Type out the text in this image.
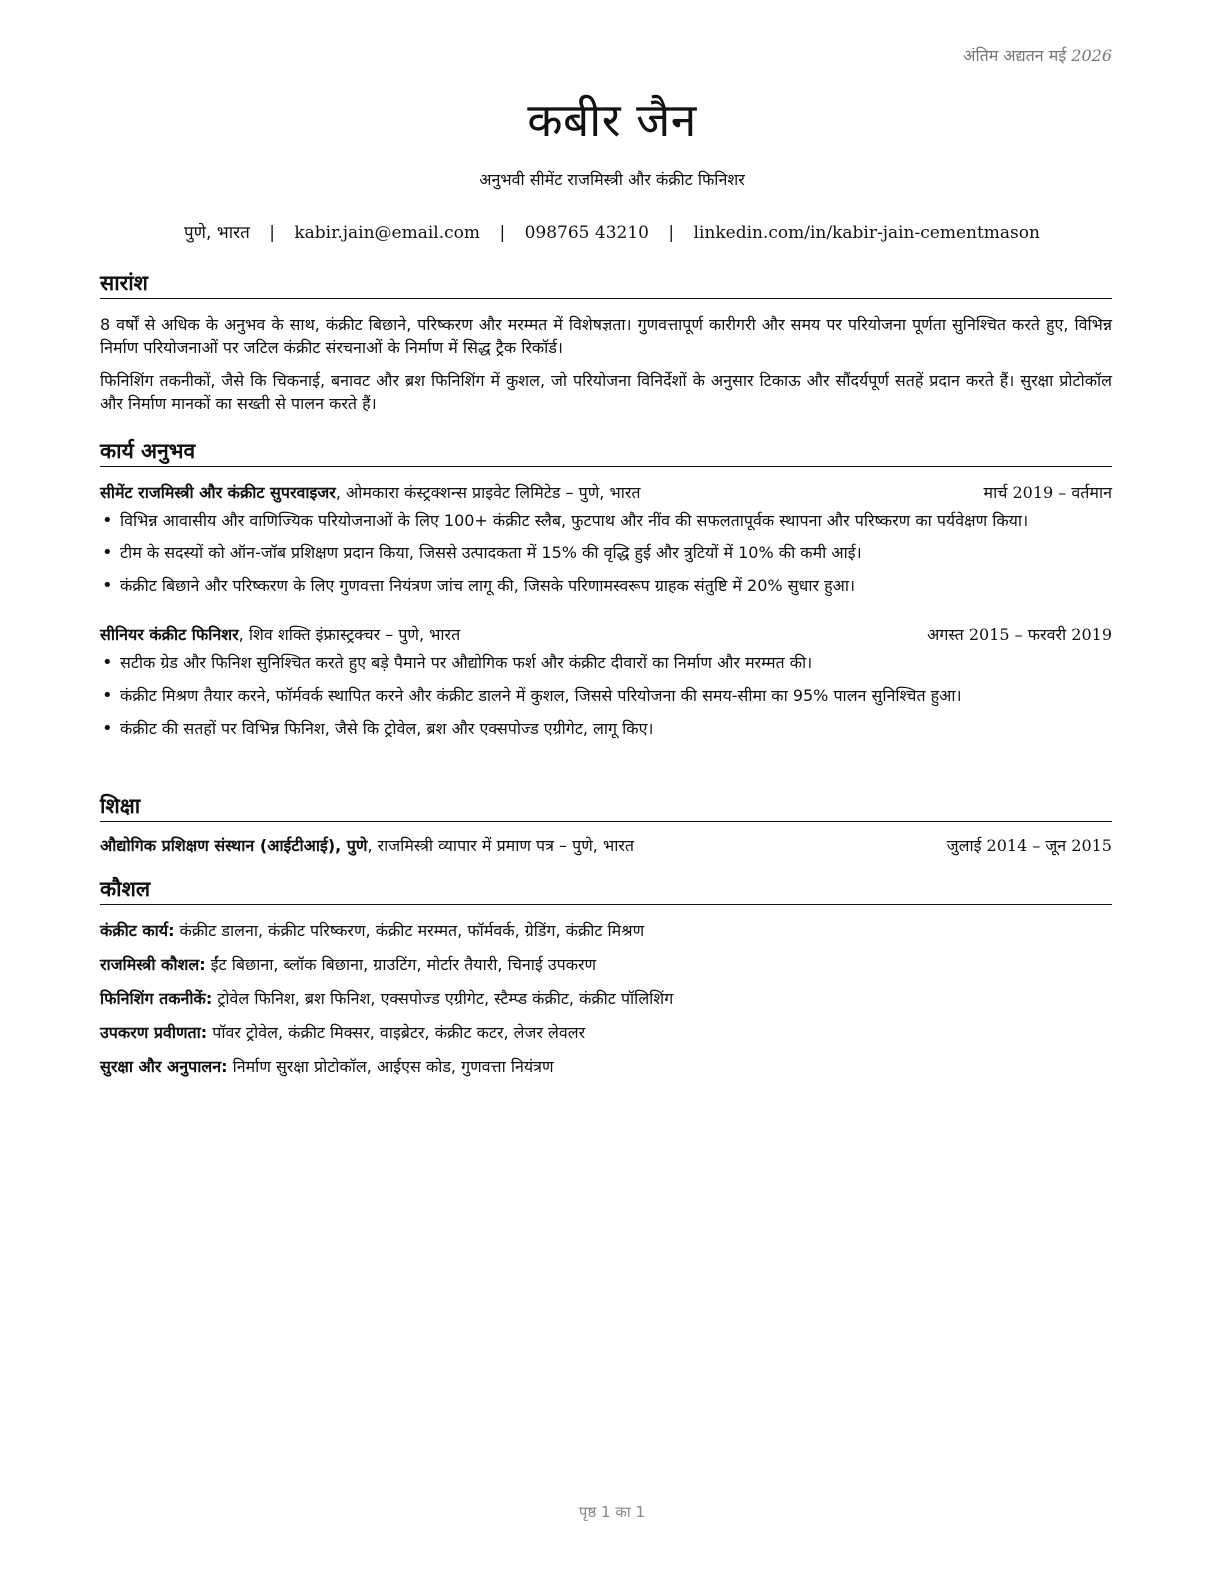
अंतिम अद्यतन मई 2026
कबीर जैन
अनुभवी सीमेंट राजमिस्त्री और कंक्रीट फिनिशर
पुणे, भारत | kabir.jain@email.com | 098765 43210 | linkedin.com/in/kabir-jain-cementmason
सारांश

8 वर्षों से अधिक के अनुभव के साथ, कंक्रीट बिछाने, परिष्करण और मरम्मत में विशेषज्ञता। गुणवत्तापूर्ण कारीगरी और समय पर परियोजना पूर्णता सुनिश्चित करते हुए, विभिन्न निर्माण परियोजनाओं पर जटिल कंक्रीट संरचनाओं के निर्माण में सिद्ध ट्रैक रिकॉर्ड।

फिनिशिंग तकनीकों, जैसे कि चिकनाई, बनावट और ब्रश फिनिशिंग में कुशल, जो परियोजना विनिर्देशों के अनुसार टिकाऊ और सौंदर्यपूर्ण सतहें प्रदान करते हैं। सुरक्षा प्रोटोकॉल और निर्माण मानकों का सख्ती से पालन करते हैं।

कार्य अनुभव
सीमेंट राजमिस्त्री और कंक्रीट सुपरवाइजर, ओमकारा कंस्ट्रक्शन्स प्राइवेट लिमिटेड – पुणे, भारत	मार्च 2019 – वर्तमान
• विभिन्न आवासीय और वाणिज्यिक परियोजनाओं के लिए 100+ कंक्रीट स्लैब, फुटपाथ और नींव की सफलतापूर्वक स्थापना और परिष्करण का पर्यवेक्षण किया।
• टीम के सदस्यों को ऑन-जॉब प्रशिक्षण प्रदान किया, जिससे उत्पादकता में 15% की वृद्धि हुई और त्रुटियों में 10% की कमी आई।
• कंक्रीट बिछाने और परिष्करण के लिए गुणवत्ता नियंत्रण जांच लागू की, जिसके परिणामस्वरूप ग्राहक संतुष्टि में 20% सुधार हुआ।
सीनियर कंक्रीट फिनिशर, शिव शक्ति इंफ्रास्ट्रक्चर – पुणे, भारत	अगस्त 2015 – फरवरी 2019
• सटीक ग्रेड और फिनिश सुनिश्चित करते हुए बड़े पैमाने पर औद्योगिक फर्श और कंक्रीट दीवारों का निर्माण और मरम्मत की।
• कंक्रीट मिश्रण तैयार करने, फॉर्मवर्क स्थापित करने और कंक्रीट डालने में कुशल, जिससे परियोजना की समय-सीमा का 95% पालन सुनिश्चित हुआ।
• कंक्रीट की सतहों पर विभिन्न फिनिश, जैसे कि ट्रोवेल, ब्रश और एक्सपोज्ड एग्रीगेट, लागू किए।
शिक्षा
औद्योगिक प्रशिक्षण संस्थान (आईटीआई), पुणे, राजमिस्त्री व्यापार में प्रमाण पत्र – पुणे, भारत	जुलाई 2014 – जून 2015
कौशल

कंक्रीट कार्य: कंक्रीट डालना, कंक्रीट परिष्करण, कंक्रीट मरम्मत, फॉर्मवर्क, ग्रेडिंग, कंक्रीट मिश्रण

राजमिस्त्री कौशल: ईंट बिछाना, ब्लॉक बिछाना, ग्राउटिंग, मोर्टार तैयारी, चिनाई उपकरण

फिनिशिंग तकनीकें: ट्रोवेल फिनिश, ब्रश फिनिश, एक्सपोज्ड एग्रीगेट, स्टैम्प्ड कंक्रीट, कंक्रीट पॉलिशिंग

उपकरण प्रवीणता: पॉवर ट्रोवेल, कंक्रीट मिक्सर, वाइब्रेटर, कंक्रीट कटर, लेजर लेवलर

सुरक्षा और अनुपालन: निर्माण सुरक्षा प्रोटोकॉल, आईएस कोड, गुणवत्ता नियंत्रण

पृष्ठ 1 का 1
